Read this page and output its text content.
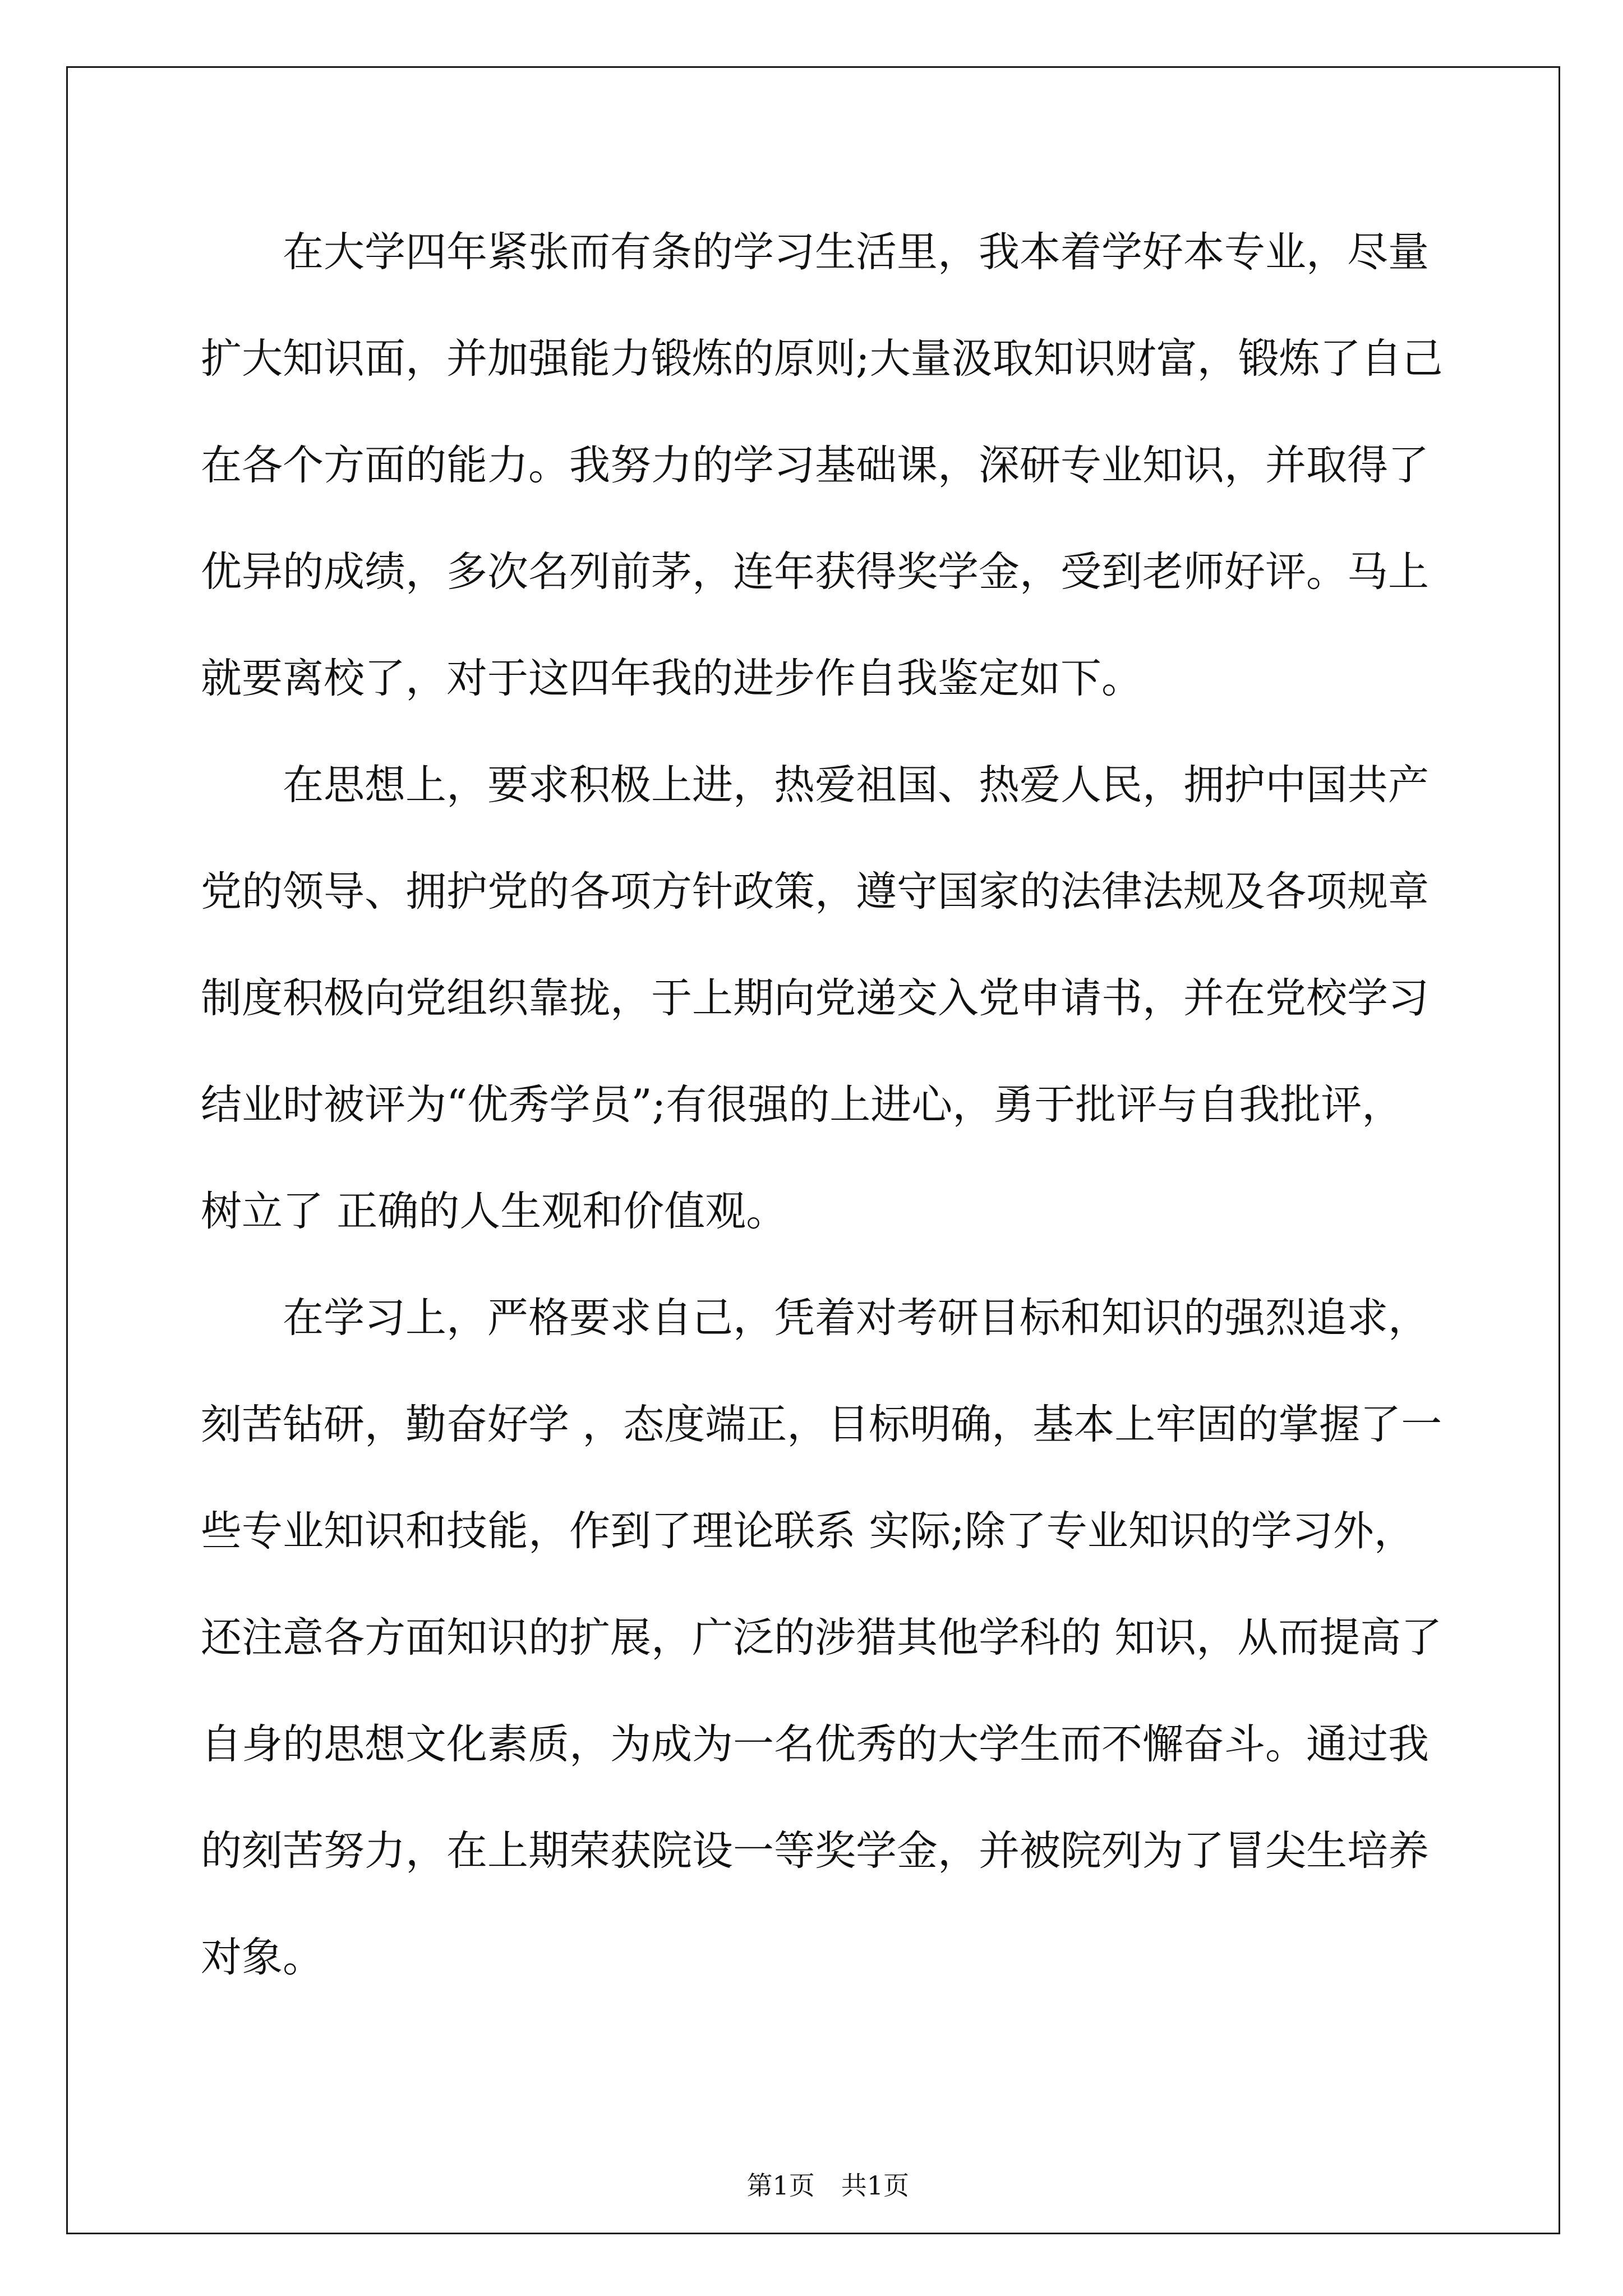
在大学四年紧张而有条的学习生活里，我本着学好本专业，尽量
扩大知识面，并加强能力锻炼的原则;大量汲取知识财富，锻炼了自己
在各个方面的能力。我努力的学习基础课，深研专业知识，并取得了
优异的成绩，多次名列前茅，连年获得奖学金，受到老师好评。马上
就要离校了，对于这四年我的进步作自我鉴定如下。
在思想上，要求积极上进，热爱祖国、热爱人民，拥护中国共产
党的领导、拥护党的各项方针政策，遵守国家的法律法规及各项规章
制度积极向党组织靠拢，于上期向党递交入党申请书，并在党校学习
结业时被评为“优秀学员”;有很强的上进心，勇于批评与自我批评，
树立了 正确的人生观和价值观。
在学习上，严格要求自己，凭着对考研目标和知识的强烈追求，
刻苦钻研，勤奋好学 ，态度端正，目标明确，基本上牢固的掌握了一
些专业知识和技能，作到了理论联系 实际;除了专业知识的学习外，
还注意各方面知识的扩展，广泛的涉猎其他学科的 知识，从而提高了
自身的思想文化素质，为成为一名优秀的大学生而不懈奋斗。通过我
的刻苦努力，在上期荣获院设一等奖学金，并被院列为了冒尖生培养
对象。

第1页 共1页
